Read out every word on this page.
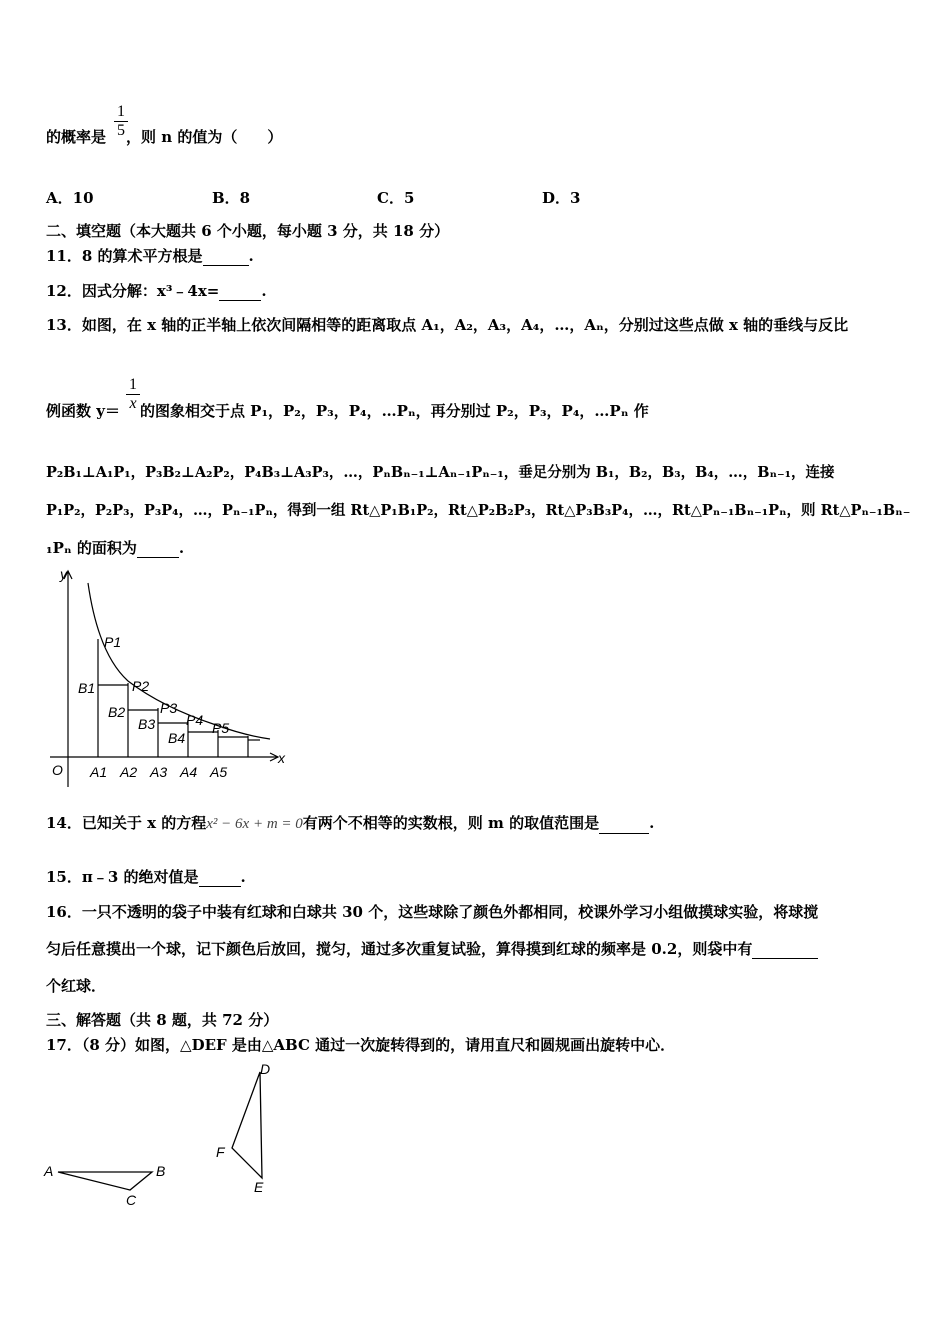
$\frac{1}{5}$
的概率是 ，则 n 的值为（　　）
A．10	B．8	C．5	D．3
二、填空题（本大题共 6 个小题，每小题 3 分，共 18 分）
11．8 的算术平方根是	.
12．因式分解：x³﹣4x=	.
13．如图，在 x 轴的正半轴上依次间隔相等的距离取点 A₁，A₂，A₃，A₄，…，Aₙ，分别过这些点做 x 轴的垂线与反比
$\frac{1}{x}$
例函数 y＝ 的图象相交于点 P₁，P₂，P₃，P₄，…Pₙ，再分别过 P₂，P₃，P₄，…Pₙ 作
P₂B₁⊥A₁P₁，P₃B₂⊥A₂P₂，P₄B₃⊥A₃P₃，…，PₙBₙ₋₁⊥Aₙ₋₁Pₙ₋₁，垂足分别为 B₁，B₂，B₃，B₄，…，Bₙ₋₁，连接
P₁P₂，P₂P₃，P₃P₄，…，Pₙ₋₁Pₙ，得到一组 Rt△P₁B₁P₂，Rt△P₂B₂P₃，Rt△P₃B₃P₄，…，Rt△Pₙ₋₁Bₙ₋₁Pₙ，则 Rt△Pₙ₋₁Bₙ₋
₁Pₙ 的面积为	.
y
x
O
P1
P2
P3
P4 P5
B1
B2
B3
B4
A1 A2 A3 A4 A5
14．已知关于 x 的方程x² − 6x + m = 0有两个不相等的实数根，则 m 的取值范围是	.
15．π﹣3 的绝对值是	.
16．一只不透明的袋子中装有红球和白球共 30 个，这些球除了颜色外都相同，校课外学习小组做摸球实验，将球搅
匀后任意摸出一个球，记下颜色后放回，搅匀，通过多次重复试验，算得摸到红球的频率是 0.2，则袋中有
个红球．
三、解答题（共 8 题，共 72 分）
17．（8 分）如图，△DEF 是由△ABC 通过一次旋转得到的，请用直尺和圆规画出旋转中心．
A	B
C
D
F
E
